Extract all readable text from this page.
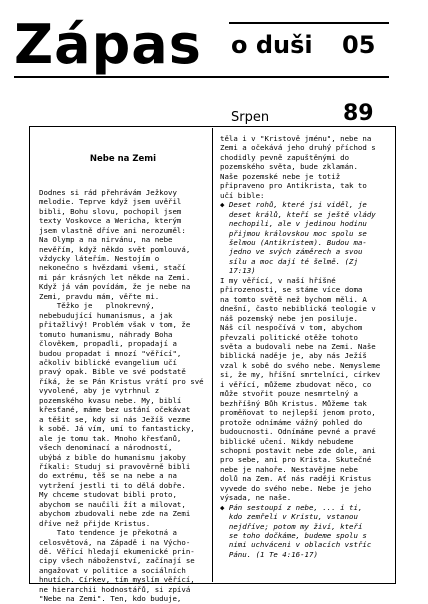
Zápas o duši 05
Srpen	89

Nebe na Zemi

Dodnes si rád přehrávám Ježkovy
melodie. Teprve když jsem uvěřil
bibli, Bohu slovu, pochopil jsem
texty Voskovce a Wericha, kterým
jsem vlastně dříve ani nerozuměl:
Na Olymp a na nirvánu, na nebe
nevěřím, když někdo svět pomlouvá,
vždycky láteřím. Nestojím o
nekonečno s hvězdami všemi, stačí
mi pár krásných let někde na Zemi.
Když já vám povídám, že je nebe na
Zemi, pravdu mám, věřte mi.
Těžko je   plnokrevný,
nebebudující humanismus, a jak
přitažlivý! Problém však v tom, že
tomuto humanismu, náhrady Boha
člověkem, propadli, propadají a
budou propadat i mnozí "věřící",
ačkoliv biblické evangelium učí
pravý opak. Bible ve své podstatě
říká, že se Pán Kristus vrátí pro své
vyvolené, aby je vytrhnul z
pozemského kvasu nebe. My, biblí
křesťané, máme bez ustání očekávat
a těšit se, kdy si nás Ježíš vezme
k sobě. Já vím, umí to fantasticky,
ale je tomu tak. Mnoho křesťanů,
všech denominací a národností,
ubýbá z bible do humanismu jakoby
říkali: Studuj si pravověrně bibli
do extrému, těš se na nebe a na
vytržení jestli ti to dělá dobře.
My chceme studovat bibli proto,
abychom se naučili žít a milovat,
abychom zbudovali nebe zde na Zemi
dříve než přijde Kristus.
Tato tendence je překotná a
celosvětová, na Západě i na Výcho-
dě. Věřící hledají ekumenické prin-
cipy všech náboženství, začínají se
angažovat v politice a sociálních
hnutích. Církev, tím myslím věřící,
ne hierarchii hodnostářů, si zpívá
"Nebe na Zemi". Ten, kdo buduje,
těla i v "Kristově jménu", nebe na
Zemi a očekává jeho druhý příchod s
chodidly pevně zapuštěnými do
pozemského světa, bude zklamán.
Naše pozemské nebe je totiž
připraveno pro Antikrista, tak to
učí bible:
◆ Deset rohů, které jsi viděl, je
deset králů, kteří se ještě vlády
nechopili, ale v jedinou hodinu
přijmou královskou moc spolu se
šelmou (Antikristem). Budou ma-
jedno ve svých záměrech a svou
sílu a moc dají té šelmě. (Zj
17:13)
I my věřící, v naší hříšné
přirozenosti, se stáme více doma
na tomto světě než bychom měli. A
dnešní, často nebiblická teologie v
náš pozemský nebe jen posiluje.
Náš cíl nespočívá v tom, abychom
převzali politické otěže tohoto
světa a budovali nebe na Zemi. Naše
biblická naděje je, aby nás Ježíš
vzal k sobě do svého nebe. Nemysleme
si, že my, hříšní smrtelníci, církev
i věřící, můžeme zbudovat něco, co
může stvořit pouze nesmrtelný a
bezhříšný Bůh Kristus. Můžeme tak
proměňovat to nejlepší jenom proto,
protože odnímáme vážný pohled do
budoucnosti. Odnímáme pevné a pravé
biblické učení. Nikdy nebudeme
schopni postavit nebe zde dole, ani
pro sebe, ani pro Krista. Skutečné
nebe je nahoře. Nestavějme nebe
dolů na Zem. Ať nás raději Kristus
vyvede do svého nebe. Nebe je jeho
výsada, ne naše.
◆ Pán sestoupí z nebe, ... i ti,
kdo zemřeli v Kristu, vstanou
nejdříve; potom my živí, kteří
se toho dočkáme, budeme spolu s
nimi uchváceni v oblacích vstříc
Pánu. (1 Te 4:16-17)
